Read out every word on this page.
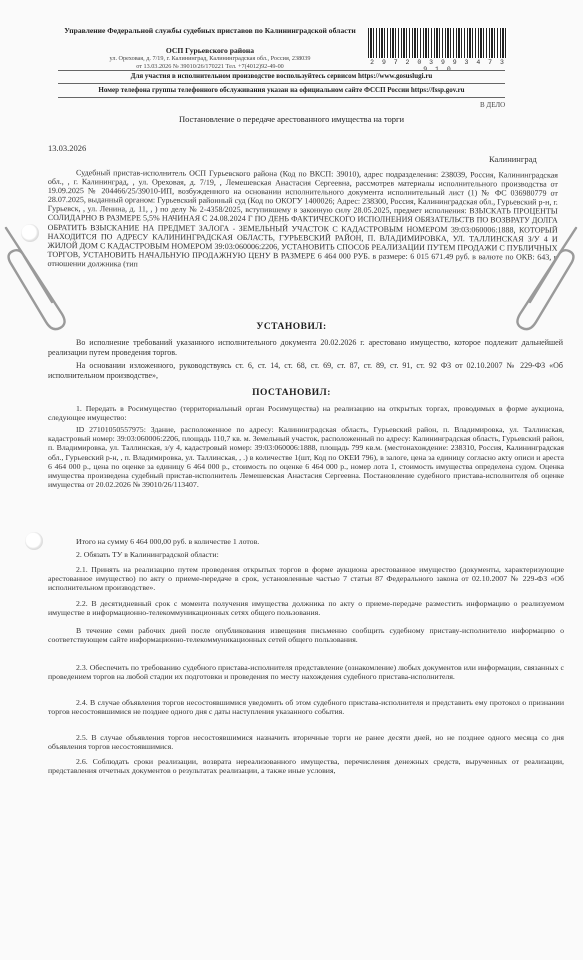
Управление Федеральной службы судебных приставов по Калининградской области
ОСП Гурьевского района
ул. Ореховая, д. 7/19, г. Калининград, Калининградская обл., Россия, 238039
от 13.03.2026 № 39010/26/170221 Тел. +7(4012)92-49-00	2 9 7 2 0 3 9 9 3 4 7 3 9 1 0
Для участия в исполнительном производстве воспользуйтесь сервисом https://www.gosuslugi.ru
Номер телефона группы телефонного обслуживания указан на официальном сайте ФССП России https://fssp.gov.ru
В ДЕЛО
Постановление о передаче арестованного имущества на торги
13.03.2026
Калининград
Судебный пристав-исполнитель ОСП Гурьевского района (Код по ВКСП: 39010), адрес подразделения: 238039, Россия, Калининградская обл., , г. Калининград, , ул. Ореховая, д. 7/19, , Лемешевская Анастасия Сергеевна, рассмотрев материалы исполнительного производства от 19.09.2025 № 204466/25/39010-ИП, возбужденного на основании исполнительного документа исполнительный лист (1) № ФС 036980779 от 28.07.2025, выданный органом: Гурьевский районный суд (Код по ОКОГУ 1400026; Адрес: 238300, Россия, Калининградская обл., Гурьевский р-н, г. Гурьевск, , ул. Ленина, д. 11, , ) по делу № 2-4358/2025, вступившему в законную силу 28.05.2025, предмет исполнения: ВЗЫСКАТЬ ПРОЦЕНТЫ СОЛИДАРНО В РАЗМЕРЕ 5,5% НАЧИНАЯ С 24.08.2024 Г ПО ДЕНЬ ФАКТИЧЕСКОГО ИСПОЛНЕНИЯ ОБЯЗАТЕЛЬСТВ ПО ВОЗВРАТУ ДОЛГА ОБРАТИТЬ ВЗЫСКАНИЕ НА ПРЕДМЕТ ЗАЛОГА - ЗЕМЕЛЬНЫЙ УЧАСТОК С КАДАСТРОВЫМ НОМЕРОМ 39:03:060006:1888, КОТОРЫЙ НАХОДИТСЯ ПО АДРЕСУ КАЛИНИНГРАДСКАЯ ОБЛАСТЬ, ГУРЬЕВСКИЙ РАЙОН, П. ВЛАДИМИРОВКА, УЛ. ТАЛЛИНСКАЯ З/У 4 И ЖИЛОЙ ДОМ С КАДАСТРОВЫМ НОМЕРОМ 39:03:060006:2206, УСТАНОВИТЬ СПОСОБ РЕАЛИЗАЦИИ ПУТЕМ ПРОДАЖИ С ПУБЛИЧНЫХ ТОРГОВ, УСТАНОВИТЬ НАЧАЛЬНУЮ ПРОДАЖНУЮ ЦЕНУ В РАЗМЕРЕ 6 464 000 РУБ. в размере: 6 015 671.49 руб. в валюте по ОКВ: 643, в отношении должника (тип
УСТАНОВИЛ:
Во исполнение требований указанного исполнительного документа 20.02.2026 г. арестовано имущество, которое подлежит дальнейшей реализации путем проведения торгов.
На основании изложенного, руководствуясь ст. 6, ст. 14, ст. 68, ст. 69, ст. 87, ст. 89, ст. 91, ст. 92 ФЗ от 02.10.2007 № 229-ФЗ «Об исполнительном производстве»,
ПОСТАНОВИЛ:
1. Передать в Росимущество (территориальный орган Росимущества) на реализацию на открытых торгах, проводимых в форме аукциона, следующее имущество:
ID 27101050557975: Здание, расположенное по адресу: Калининградская область, Гурьевский район, п. Владимировка, ул. Таллинская, кадастровый номер: 39:03:060006:2206, площадь 110,7 кв. м. Земельный участок, расположенный по адресу: Калининградская область, Гурьевский район, п. Владимировка, ул. Таллинская, з/у 4, кадастровый номер: 39:03:060006:1888, площадь 799 кв.м. (местонахождение: 238310, Россия, Калининградская обл., Гурьевский р-н, , п. Владимировка, ул. Таллинская, , .) в количестве 1(шт, Код по ОКЕИ 796), в залоге, цена за единицу согласно акту описи и ареста 6 464 000 р., цена по оценке за единицу 6 464 000 р., стоимость по оценке 6 464 000 р., номер лота 1, стоимость имущества определена судом. Оценка имущества произведена судебный пристав-исполнитель Лемешевская Анастасия Сергеевна. Постановление судебного пристава-исполнителя об оценке имущества от 20.02.2026 № 39010/26/113407.
Итого на сумму 6 464 000,00 руб. в количестве 1 лотов.
2. Обязать ТУ в Калининградской области:
2.1. Принять на реализацию путем проведения открытых торгов в форме аукциона арестованное имущество (документы, характеризующие арестованное имущество) по акту о приеме-передаче в срок, установленные частью 7 статьи 87 Федерального закона от 02.10.2007 № 229-ФЗ «Об исполнительном производстве».
2.2. В десятидневный срок с момента получения имущества должника по акту о приеме-передаче разместить информацию о реализуемом имуществе в информационно-телекоммуникационных сетях общего пользования.
В течение семи рабочих дней после опубликования извещения письменно сообщить судебному приставу-исполнителю информацию о соответствующем сайте информационно-телекоммуникационных сетей общего пользования.
2.3. Обеспечить по требованию судебного пристава-исполнителя представление (ознакомление) любых документов или информации, связанных с проведением торгов на любой стадии их подготовки и проведения по месту нахождения судебного пристава-исполнителя.
2.4. В случае объявления торгов несостоявшимися уведомить об этом судебного пристава-исполнителя и представить ему протокол о признании торгов несостоявшимися не позднее одного дня с даты наступления указанного события.
2.5. В случае объявления торгов несостоявшимися назначить вторичные торги не ранее десяти дней, но не позднее одного месяца со дня объявления торгов несостоявшимися.
2.6. Соблюдать сроки реализации, возврата нереализованного имущества, перечисления денежных средств, вырученных от реализации, представления отчетных документов о результатах реализации, а также иные условия,
